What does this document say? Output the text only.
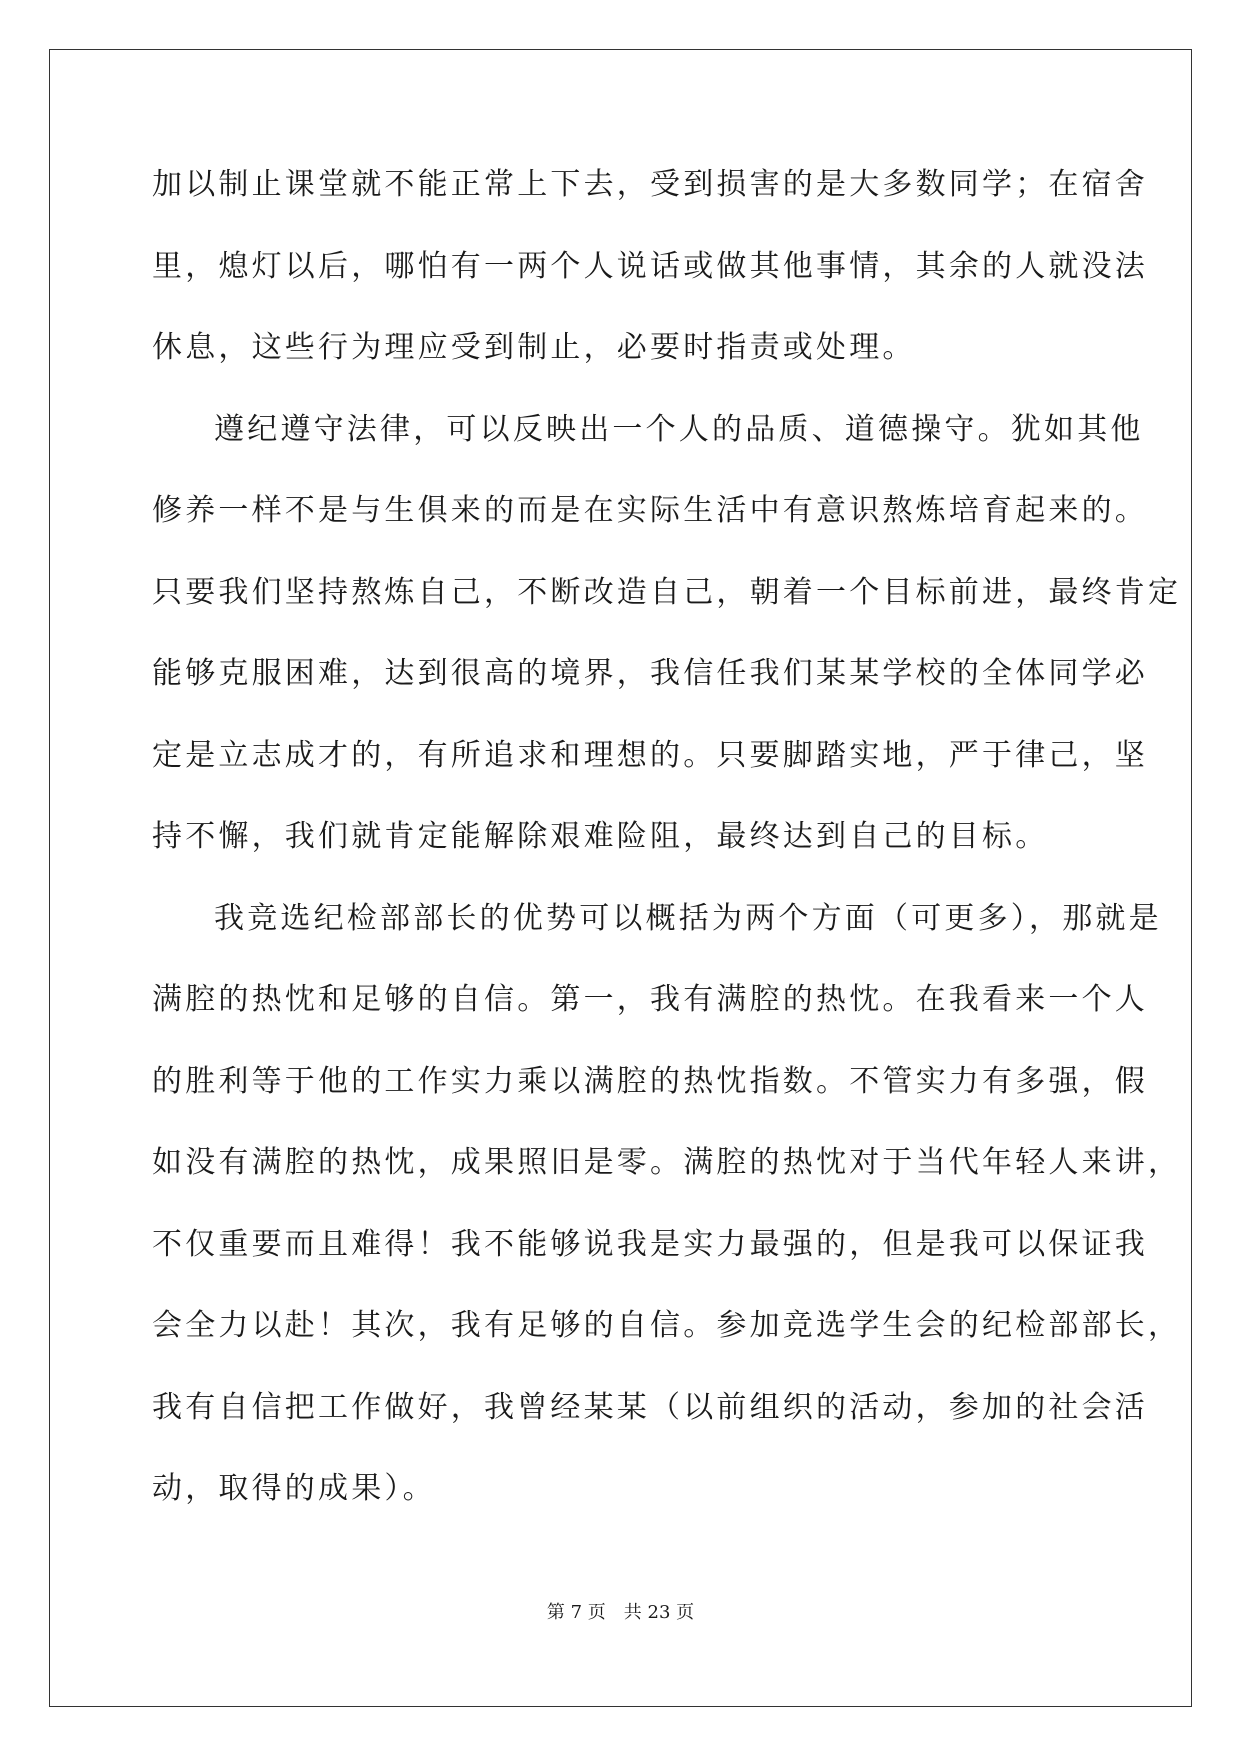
加以制止课堂就不能正常上下去，受到损害的是大多数同学；在宿舍
里，熄灯以后，哪怕有一两个人说话或做其他事情，其余的人就没法
休息，这些行为理应受到制止，必要时指责或处理。
遵纪遵守法律，可以反映出一个人的品质、道德操守。犹如其他
修养一样不是与生俱来的而是在实际生活中有意识熬炼培育起来的。
只要我们坚持熬炼自己，不断改造自己，朝着一个目标前进，最终肯定
能够克服困难，达到很高的境界，我信任我们某某学校的全体同学必
定是立志成才的，有所追求和理想的。只要脚踏实地，严于律己，坚
持不懈，我们就肯定能解除艰难险阻，最终达到自己的目标。
我竞选纪检部部长的优势可以概括为两个方面（可更多），那就是
满腔的热忱和足够的自信。第一，我有满腔的热忱。在我看来一个人
的胜利等于他的工作实力乘以满腔的热忱指数。不管实力有多强，假
如没有满腔的热忱，成果照旧是零。满腔的热忱对于当代年轻人来讲，
不仅重要而且难得！我不能够说我是实力最强的，但是我可以保证我
会全力以赴！其次，我有足够的自信。参加竞选学生会的纪检部部长，
我有自信把工作做好，我曾经某某（以前组织的活动，参加的社会活
动，取得的成果）。
第 7 页　共 23 页
